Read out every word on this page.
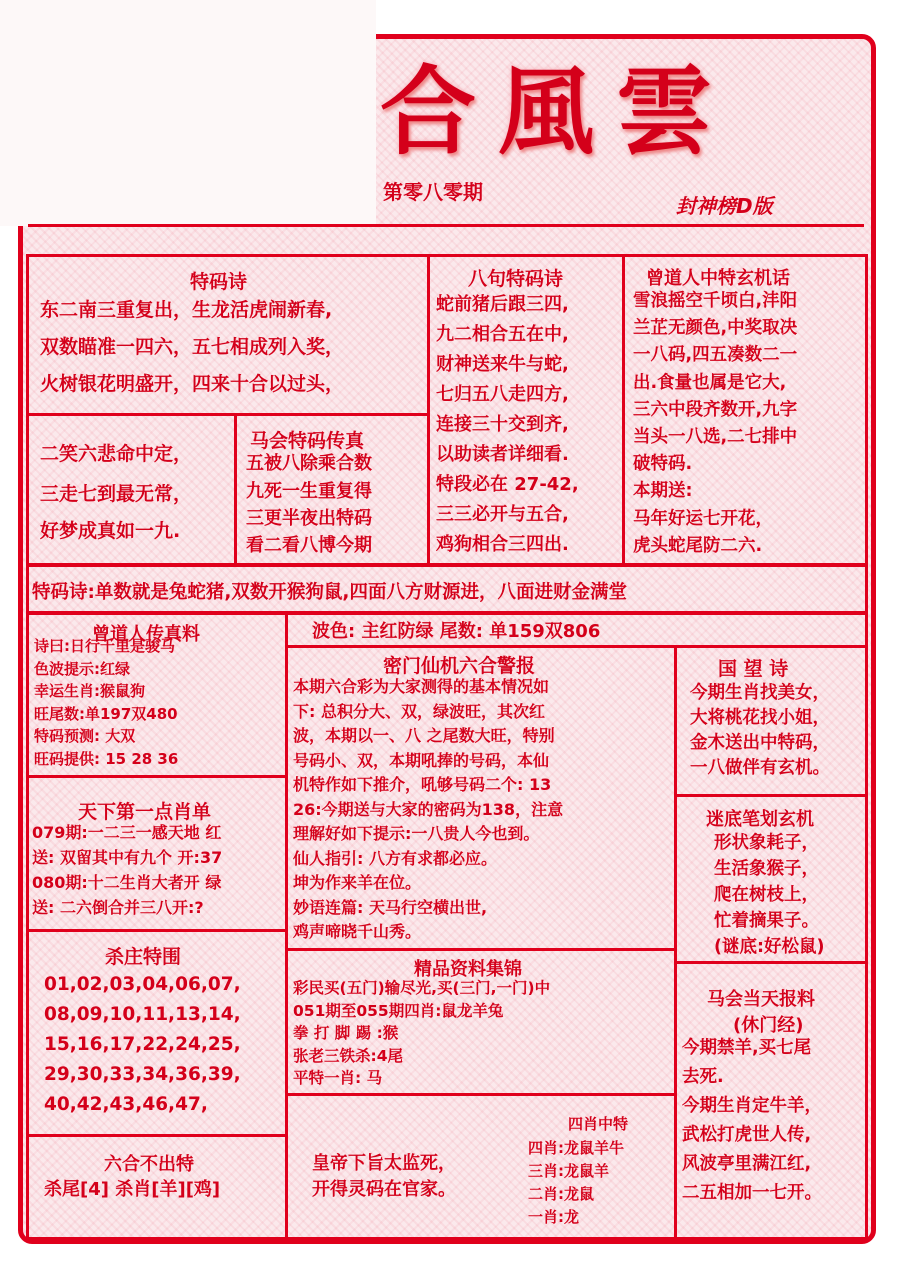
合風雲
第零八零期
封神榜D版
特码诗
东二南三重复出，生龙活虎闹新春,
双数瞄准一四六，五七相成列入奖，
火树银花明盛开，四来十合以过头，
二笑六悲命中定，
三走七到最无常，
好梦成真如一九.
马会特码传真
五被八除乘合数
九死一生重复得
三更半夜出特码
看二看八博今期
八句特码诗
蛇前猪后跟三四,
九二相合五在中,
财神送来牛与蛇,
七归五八走四方,
连接三十交到齐,
以助读者详细看.
特段必在 27-42,
三三必开与五合,
鸡狗相合三四出.
曾道人中特玄机话
雪浪摇空千顷白,沣阳
兰芷无颜色,中奖取决
一八码,四五凑数二一
出.食量也属是它大,
三六中段齐数开,九字
当头一八选,二七排中
破特码.
本期送:
马年好运七开花，
虎头蛇尾防二六.
特码诗:单数就是兔蛇猪,双数开猴狗鼠,四面八方财源进，八面进财金满堂
曾道人传真料
诗曰:日行千里是骏马
色波提示:红绿
幸运生肖:猴鼠狗
旺尾数:单197双480
特码预测: 大双
旺码提供: 15 28 36
波色: 主红防绿 尾数: 单159双806
密门仙机六合警报
本期六合彩为大家测得的基本情况如
下: 总积分大、双，绿波旺，其次红
波，本期以一、八 之尾数大旺，特别
号码小、双，本期吼捧的号码，本仙
机特作如下推介，吼够号码二个: 13
26:今期送与大家的密码为138，注意
理解好如下提示:一八贵人今也到。
仙人指引: 八方有求都必应。
坤为作来羊在位。
妙语连篇: 天马行空横出世,
鸡声啼晓千山秀。
国 望 诗
今期生肖找美女，
大将桃花找小姐，
金木送出中特码，
一八做伴有玄机。
天下第一点肖单
079期:一二三一感天地 红
送: 双留其中有九个 开:37
080期:十二生肖大者开 绿
送: 二六倒合并三八开:?
迷底笔划玄机
形状象耗子，
生活象猴子，
爬在树枝上，
忙着摘果子。
(谜底:好松鼠)
杀庄特围
01,02,03,04,06,07,
08,09,10,11,13,14,
15,16,17,22,24,25,
29,30,33,34,36,39,
40,42,43,46,47,
精品资料集锦
彩民买(五门)输尽光,买(三门,一门)中
051期至055期四肖:鼠龙羊兔
拳 打 脚 踢 :猴
张老三铁杀:4尾
平特一肖: 马
马会当天报料
(休门经)
今期禁羊,买七尾
去死.
今期生肖定牛羊，
武松打虎世人传,
风波亭里满江红,
二五相加一七开。
六合不出特
杀尾[4] 杀肖[羊][鸡]
皇帝下旨太监死，
开得灵码在官家。
四肖中特
四肖:龙鼠羊牛
三肖:龙鼠羊
二肖:龙鼠
一肖:龙
